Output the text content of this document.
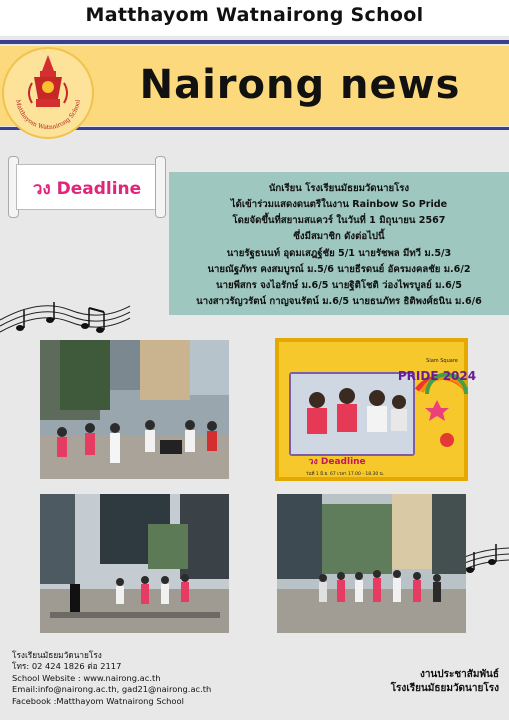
Matthayom Watnairong School
Matthayom Watnairong School	Nairong news
วง Deadline	นักเรียน โรงเรียนมัธยมวัดนายโรง
ได้เข้าร่วมแสดงดนตรีในงาน Rainbow So Pride
โดยจัดขึ้นที่สยามสแควร์ ในวันที่ 1 มิถุนายน 2567
ซึ่งมีสมาชิก ดังต่อไปนี้
นายรัฐธนนท์ อุดมเสฎฐ์ชัย 5/1 นายรัชพล มีทวี ม.5/3
นายณัฐภัทร คงสมบูรณ์ ม.5/6 นายธีรดนย์ อัครมงคลชัย ม.6/2
นายพีสกร จงไอรักษ์ ม.6/5 นายฐิติโชติ ว่องไพรบูลย์ ม.6/5
นางสาวรัญวรัตน์ กาญจนรัตน์ ม.6/5 นายธนภัทร ธิติพงศ์ธนิน ม.6/6
PRIDE 2024
Siam Square
วง Deadline
วันที่ 1 มิ.ย. 67 เวลา 17.00 - 18.30 น.
โรงเรียนมัธยมวัดนายโรง
โทร: 02 424 1826 ต่อ 2117
School Website : www.nairong.ac.th
Email:info@nairong.ac.th, gad21@nairong.ac.th
Facebook :Matthayom Watnairong School
งานประชาสัมพันธ์
โรงเรียนมัธยมวัดนายโรง
